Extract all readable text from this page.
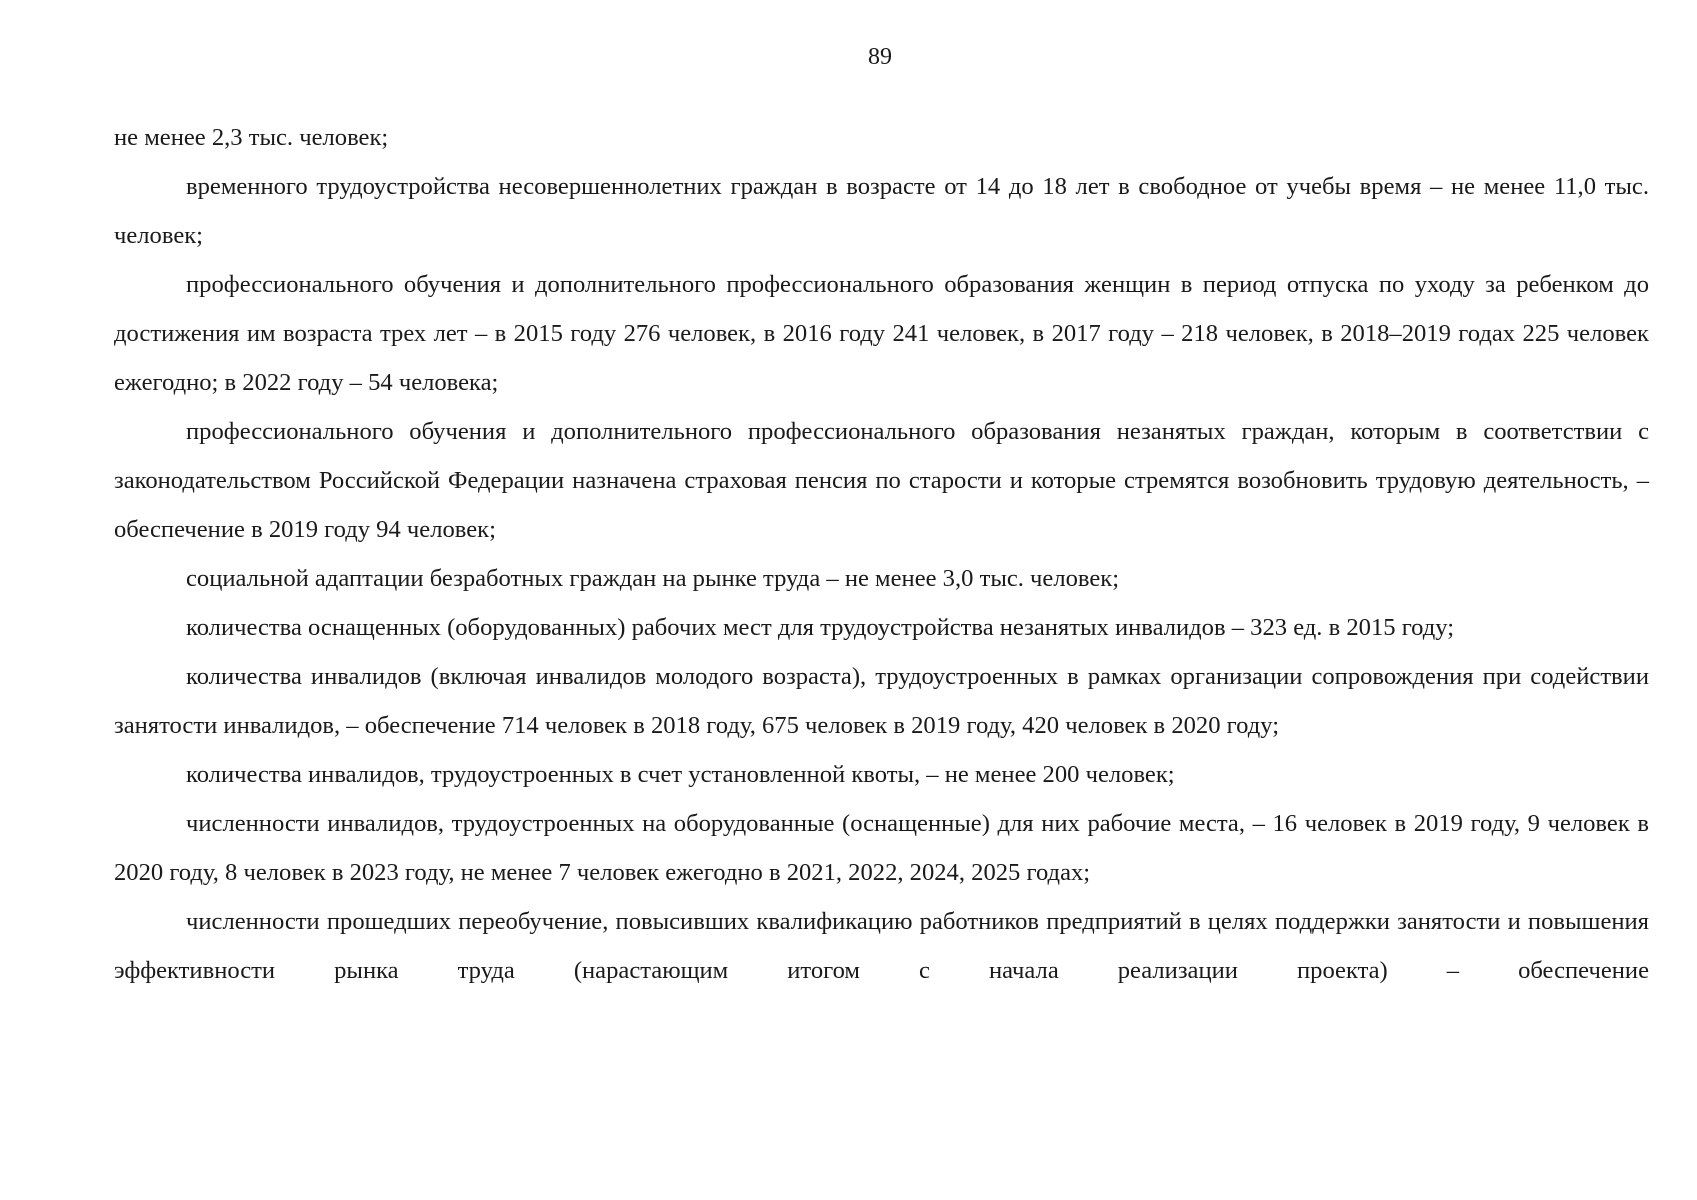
89

не менее 2,3 тыс. человек;

временного трудоустройства несовершеннолетних граждан в возрасте от 14 до 18 лет в свободное от учебы время – не менее 11,0 тыс. человек;

профессионального обучения и дополнительного профессионального образования женщин в период отпуска по уходу за ребенком до достижения им возраста трех лет – в 2015 году 276 человек, в 2016 году 241 человек, в 2017 году – 218 человек, в 2018–2019 годах 225 человек ежегодно; в 2022 году – 54 человека;

профессионального обучения и дополнительного профессионального образования незанятых граждан, которым в соответствии с законодательством Российской Федерации назначена страховая пенсия по старости и которые стремятся возобновить трудовую деятельность, – обеспечение в 2019 году 94 человек;

социальной адаптации безработных граждан на рынке труда – не менее 3,0 тыс. человек;

количества оснащенных (оборудованных) рабочих мест для трудоустройства незанятых инвалидов – 323 ед. в 2015 году;

количества инвалидов (включая инвалидов молодого возраста), трудоустроенных в рамках организации сопровождения при содействии занятости инвалидов, – обеспечение 714 человек в 2018 году, 675 человек в 2019 году, 420 человек в 2020 году;

количества инвалидов, трудоустроенных в счет установленной квоты, – не менее 200 человек;

численности инвалидов, трудоустроенных на оборудованные (оснащенные) для них рабочие места, – 16 человек в 2019 году, 9 человек в 2020 году, 8 человек в 2023 году, не менее 7 человек ежегодно в 2021, 2022, 2024, 2025 годах;

численности прошедших переобучение, повысивших квалификацию работников предприятий в целях поддержки занятости и повышения эффективности рынка труда (нарастающим итогом с начала реализации проекта) – обеспечение
